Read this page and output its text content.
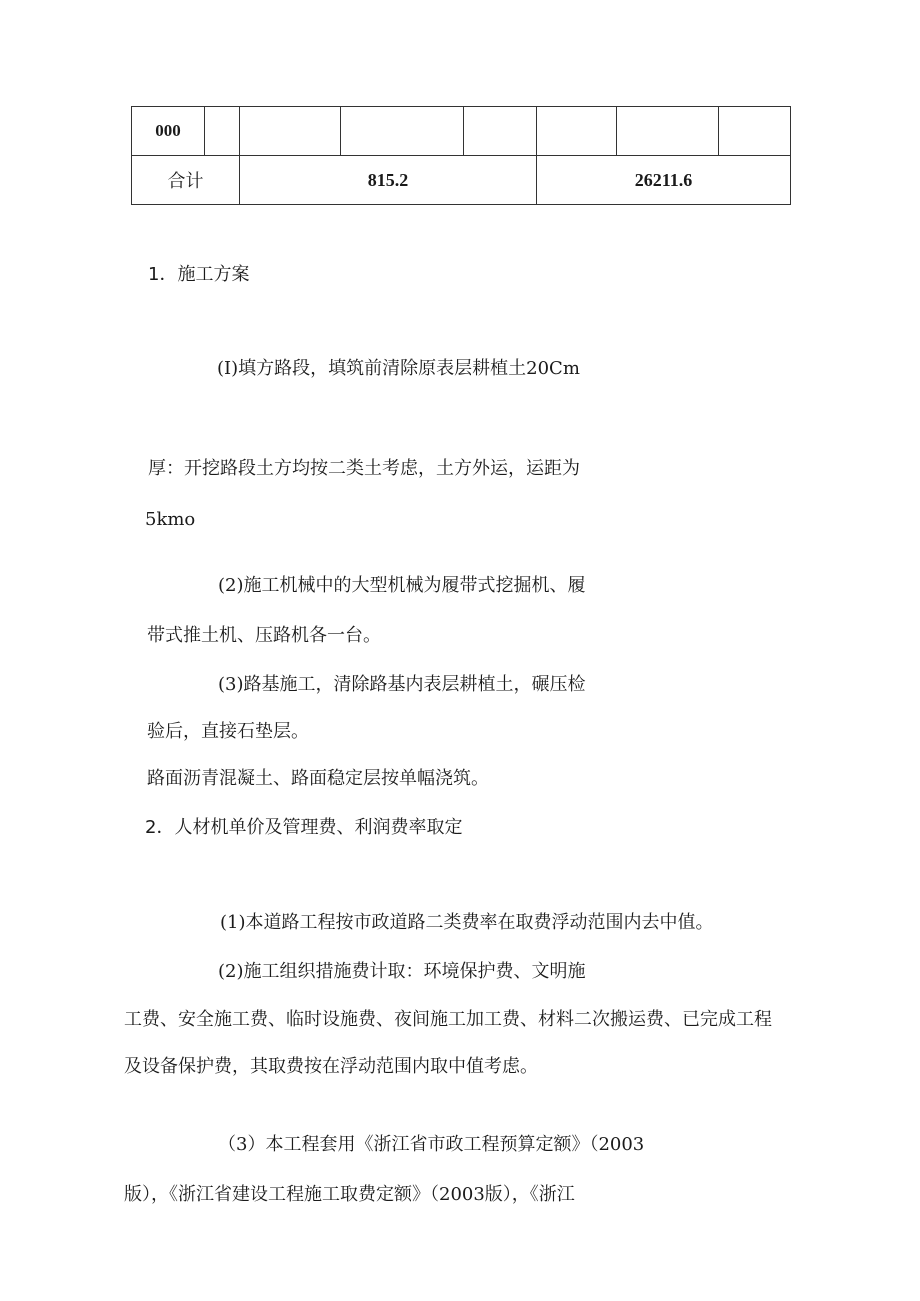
000							
合计		815.2			26211.6		
1．施工方案
(I)填方路段，填筑前清除原表层耕植土20Cm
厚：开挖路段土方均按二类土考虑，土方外运，运距为
5kmo
(2)施工机械中的大型机械为履带式挖掘机、履
带式推土机、压路机各一台。
(3)路基施工，清除路基内表层耕植土，碾压检
验后，直接石垫层。
路面沥青混凝土、路面稳定层按单幅浇筑。
2．人材机单价及管理费、利润费率取定
(1)本道路工程按市政道路二类费率在取费浮动范围内去中值。
(2)施工组织措施费计取：环境保护费、文明施
工费、安全施工费、临时设施费、夜间施工加工费、材料二次搬运费、已完成工程
及设备保护费，其取费按在浮动范围内取中值考虑。
（3）本工程套用《浙江省市政工程预算定额》（2003
版），《浙江省建设工程施工取费定额》（2003版），《浙江
